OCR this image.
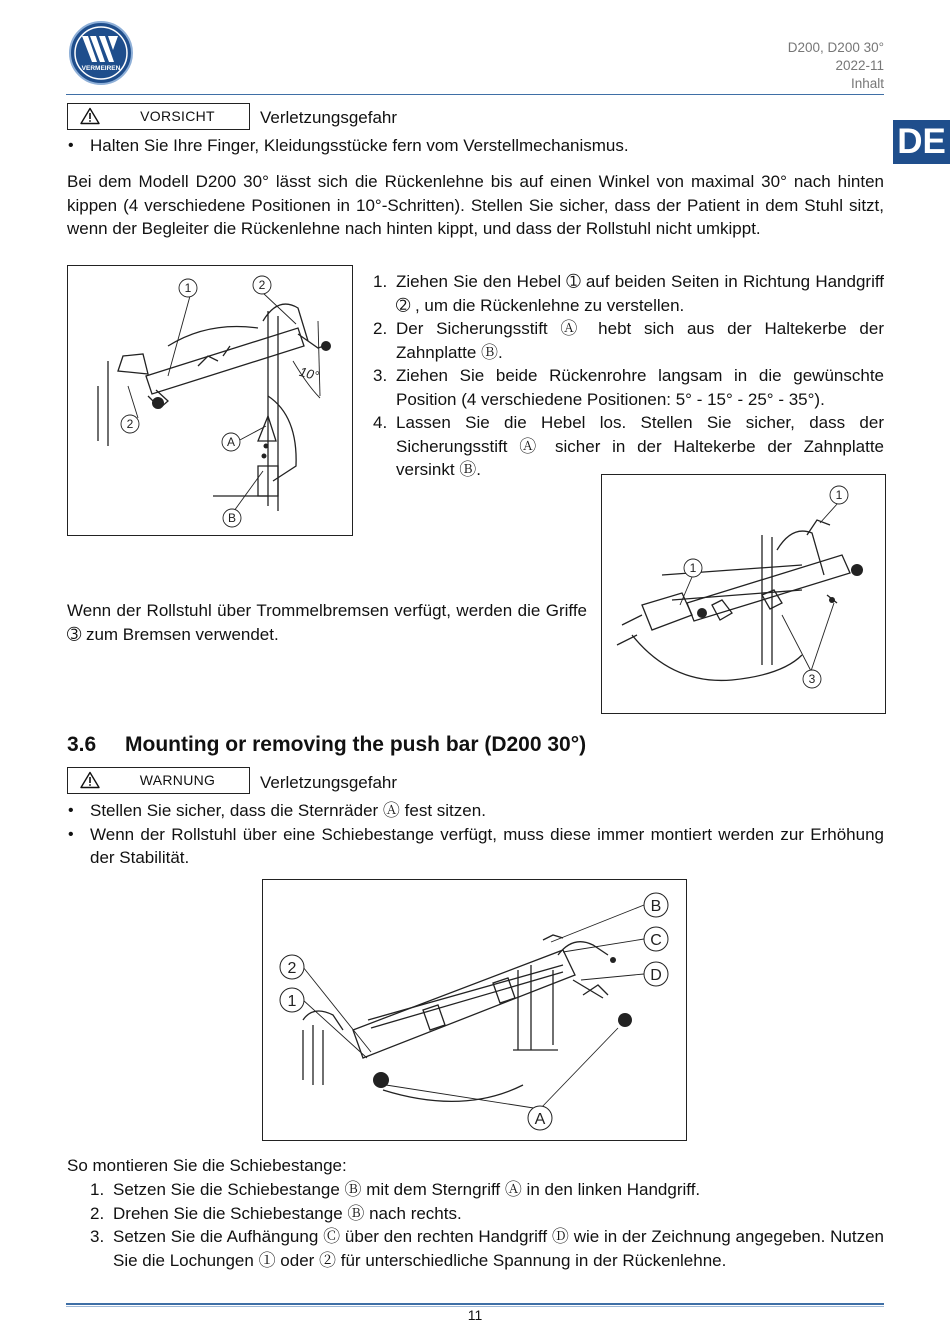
VERMEIREN
D200, D200 30°
2022-11
Inhalt
DE
VORSICHT	Verletzungsgefahr
• Halten Sie Ihre Finger, Kleidungsstücke fern vom Verstellmechanismus.
Bei dem Modell D200 30° lässt sich die Rückenlehne bis auf einen Winkel von maximal 30° nach hinten kippen (4 verschiedene Positionen in 10°-Schritten). Stellen Sie sicher, dass der Patient in dem Stuhl sitzt, wenn der Begleiter die Rückenlehne nach hinten kippt, und dass der Rollstuhl nicht umkippt.
1	2
2
A
B
10°
1. Ziehen Sie den Hebel ➀ auf beiden Seiten in Richtung Handgriff ➁ , um die Rückenlehne zu verstellen.
2. Der Sicherungsstift Ⓐ hebt sich aus der Haltekerbe der Zahnplatte Ⓑ.
3. Ziehen Sie beide Rückenrohre langsam in die gewünschte Position (4 verschiedene Positionen: 5° - 15° - 25° - 35°).
4. Lassen Sie die Hebel los. Stellen Sie sicher, dass der Sicherungsstift Ⓐ sicher in der Haltekerbe der Zahnplatte versinkt Ⓑ.
1
1
3
Wenn der Rollstuhl über Trommelbremsen verfügt, werden die Griffe ➂ zum Bremsen verwendet.
3.6 Mounting or removing the push bar (D200 30°)
WARNUNG	Verletzungsgefahr
• Stellen Sie sicher, dass die Sternräder Ⓐ fest sitzen.
• Wenn der Rollstuhl über eine Schiebestange verfügt, muss diese immer montiert werden zur Erhöhung der Stabilität.
B
C
D
2
1
A
So montieren Sie die Schiebestange:
1. Setzen Sie die Schiebestange Ⓑ mit dem Sterngriff Ⓐ in den linken Handgriff.
2. Drehen Sie die Schiebestange Ⓑ nach rechts.
3. Setzen Sie die Aufhängung Ⓒ über den rechten Handgriff Ⓓ wie in der Zeichnung angegeben. Nutzen Sie die Lochungen ➀ oder ➁ für unterschiedliche Spannung in der Rückenlehne.
11
